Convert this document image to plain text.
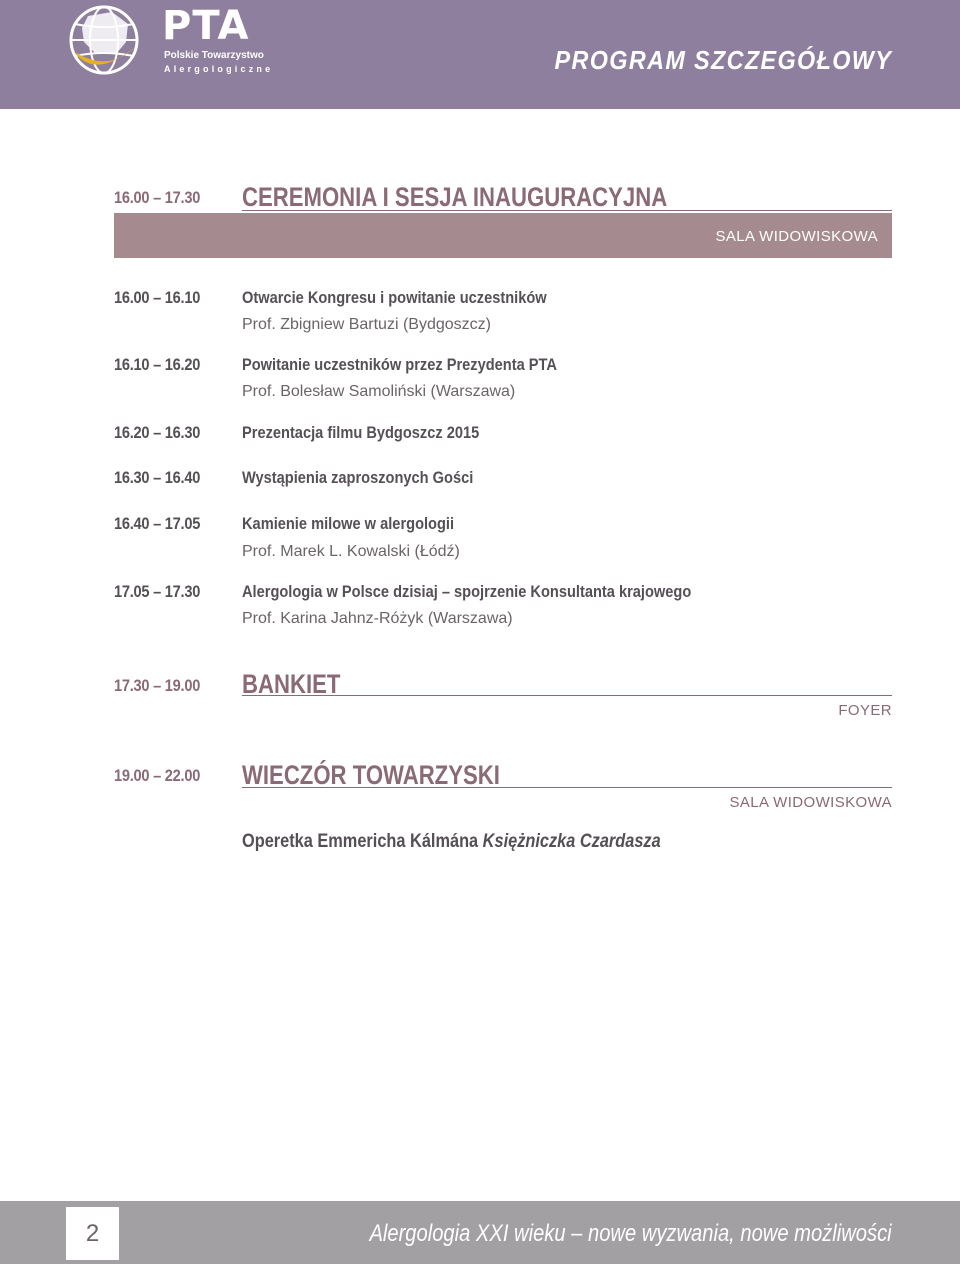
PTA
Polskie Towarzystwo
Alergologiczne	PROGRAM SZCZEGÓŁOWY
16.00 – 17.30 CEREMONIA I SESJA INAUGURACYJNA
SALA WIDOWISKOWA
16.00 – 16.10 Otwarcie Kongresu i powitanie uczestników
Prof. Zbigniew Bartuzi (Bydgoszcz)
16.10 – 16.20 Powitanie uczestników przez Prezydenta PTA
Prof. Bolesław Samoliński (Warszawa)
16.20 – 16.30 Prezentacja filmu Bydgoszcz 2015
16.30 – 16.40 Wystąpienia zaproszonych Gości
16.40 – 17.05 Kamienie milowe w alergologii
Prof. Marek L. Kowalski (Łódź)
17.05 – 17.30 Alergologia w Polsce dzisiaj – spojrzenie Konsultanta krajowego
Prof. Karina Jahnz-Różyk (Warszawa)
17.30 – 19.00 BANKIET
FOYER
19.00 – 22.00 WIECZÓR TOWARZYSKI
SALA WIDOWISKOWA
Operetka Emmericha Kálmána Księżniczka Czardasza
2	Alergologia XXI wieku – nowe wyzwania, nowe możliwości
